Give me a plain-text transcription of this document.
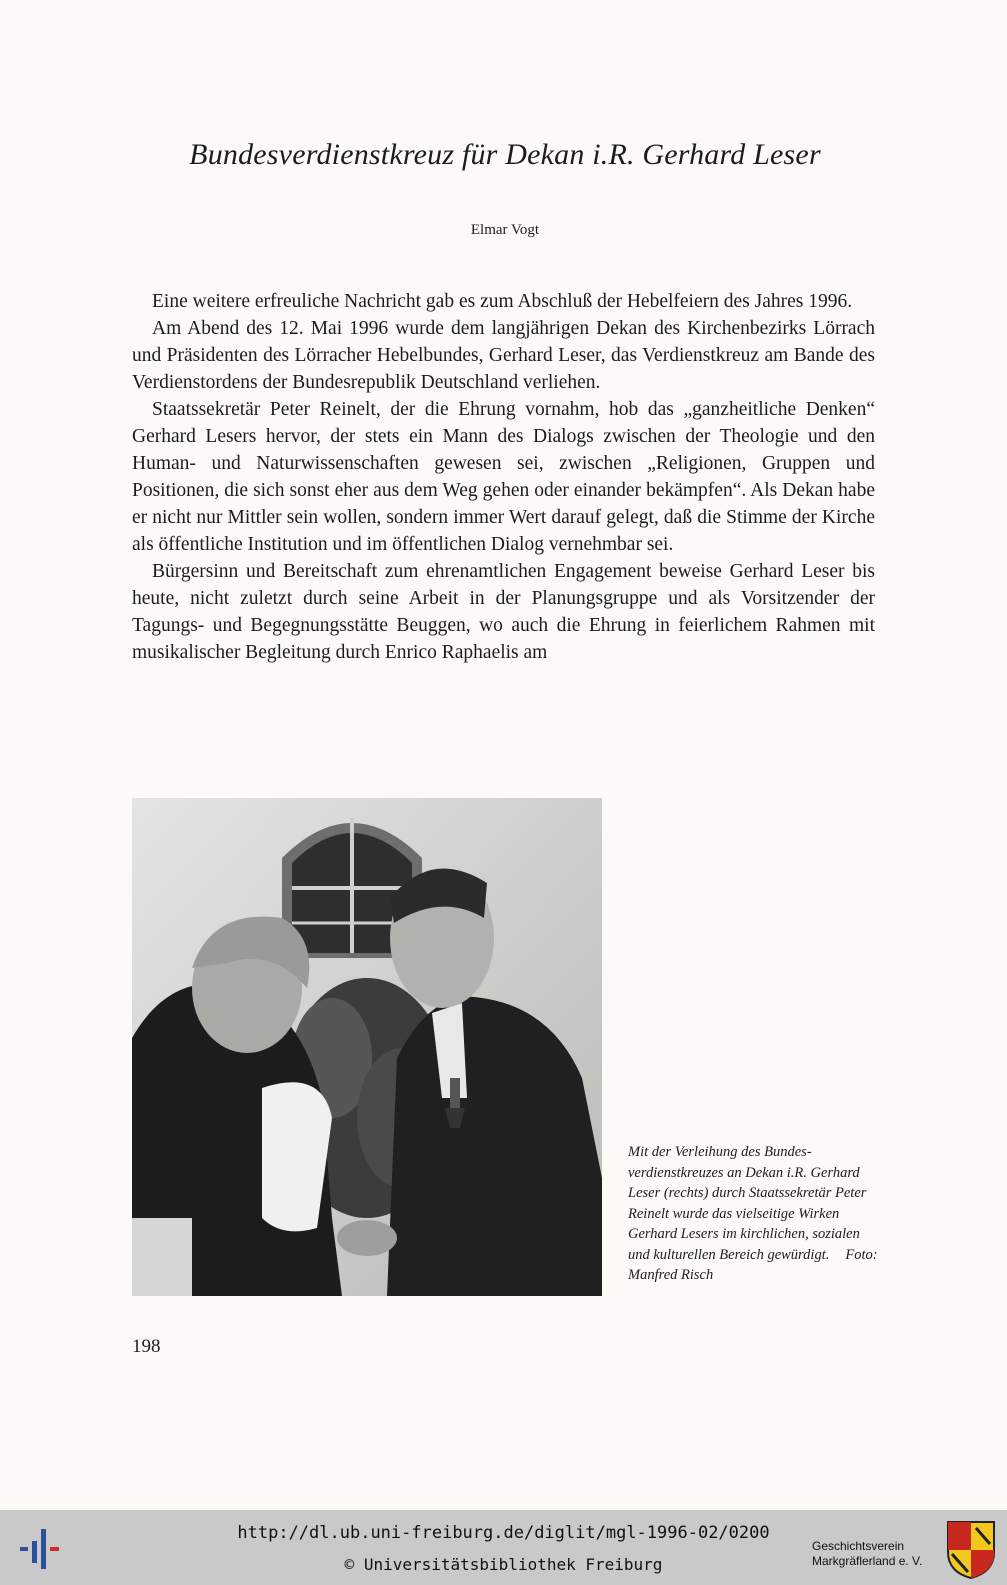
Bundesverdienstkreuz für Dekan i.R. Gerhard Leser
Elmar Vogt

Eine weitere erfreuliche Nachricht gab es zum Abschluß der Hebelfeiern des Jahres 1996.

Am Abend des 12. Mai 1996 wurde dem langjährigen Dekan des Kirchenbezirks Lörrach und Präsidenten des Lörracher Hebelbundes, Gerhard Leser, das Verdienstkreuz am Bande des Verdienstordens der Bundesrepublik Deutschland verliehen.

Staatssekretär Peter Reinelt, der die Ehrung vornahm, hob das „ganzheitliche Denken“ Gerhard Lesers hervor, der stets ein Mann des Dialogs zwischen der Theologie und den Human- und Naturwissenschaften gewesen sei, zwischen „Religionen, Gruppen und Positionen, die sich sonst eher aus dem Weg gehen oder einander bekämpfen“. Als Dekan habe er nicht nur Mittler sein wollen, sondern immer Wert darauf gelegt, daß die Stimme der Kirche als öffentliche Institution und im öffentlichen Dialog vernehmbar sei.

Bürgersinn und Bereitschaft zum ehrenamtlichen Engagement beweise Gerhard Leser bis heute, nicht zuletzt durch seine Arbeit in der Planungsgruppe und als Vorsitzender der Tagungs- und Begegnungsstätte Beuggen, wo auch die Ehrung in feierlichem Rahmen mit musikalischer Begleitung durch Enrico Raphaelis am

Mit der Verleihung des Bundesverdienstkreuzes an Dekan i.R. Gerhard Leser (rechts) durch Staatssekretär Peter Reinelt wurde das vielseitige Wirken Gerhard Lesers im kirchlichen, sozialen und kulturellen Bereich gewürdigt. Foto: Manfred Risch
198
http://dl.ub.uni-freiburg.de/diglit/mgl-1996-02/0200
© Universitätsbibliothek Freiburg
Geschichtsverein
Markgräflerland e. V.
